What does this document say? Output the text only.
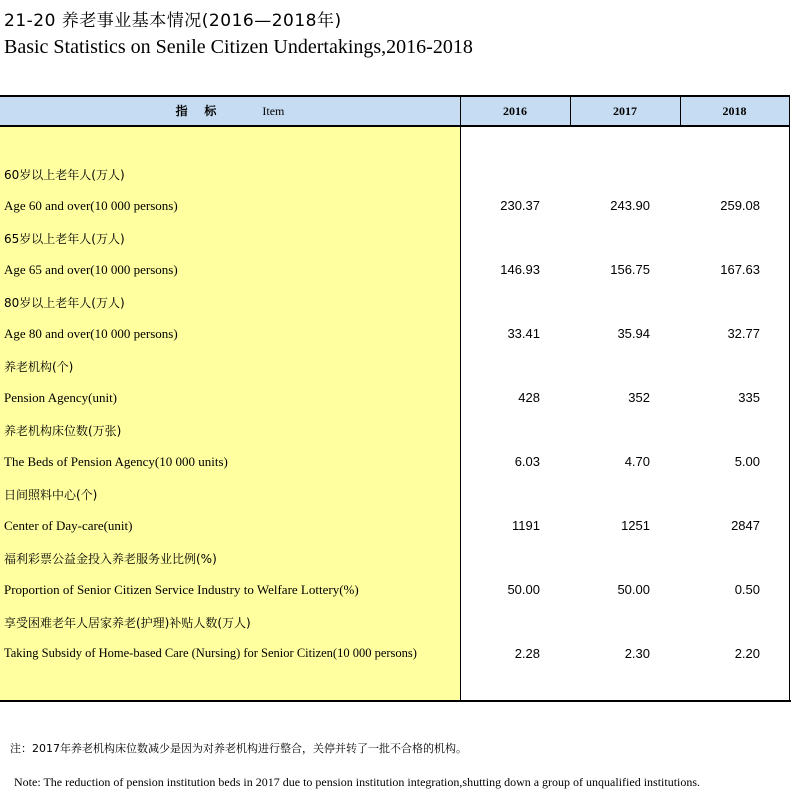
21-20 养老事业基本情况(2016—2018年)
Basic Statistics on Senile Citizen Undertakings,2016-2018
指    标	Item	2016	2017	2018
60岁以上老年人(万人)
Age 60 and over(10 000 persons)	230.37	243.90	259.08
65岁以上老年人(万人)
Age 65 and over(10 000 persons)	146.93	156.75	167.63
80岁以上老年人(万人)
Age 80 and over(10 000 persons)	33.41	35.94	32.77
养老机构(个)
Pension Agency(unit)	428	352	335
养老机构床位数(万张)
The Beds of Pension Agency(10 000 units)	6.03	4.70	5.00
日间照料中心(个)
Center of Day-care(unit)	1191	1251	2847
福利彩票公益金投入养老服务业比例(%)
Proportion of Senior Citizen Service Industry to Welfare Lottery(%)	50.00	50.00	0.50
享受困难老年人居家养老(护理)补贴人数(万人)
Taking Subsidy of Home-based Care (Nursing) for Senior Citizen(10 000 persons)	2.28	2.30	2.20
注：2017年养老机构床位数减少是因为对养老机构进行整合，关停并转了一批不合格的机构。
Note: The reduction of pension institution beds in 2017 due to pension institution integration,shutting down a group of unqualified institutions.
